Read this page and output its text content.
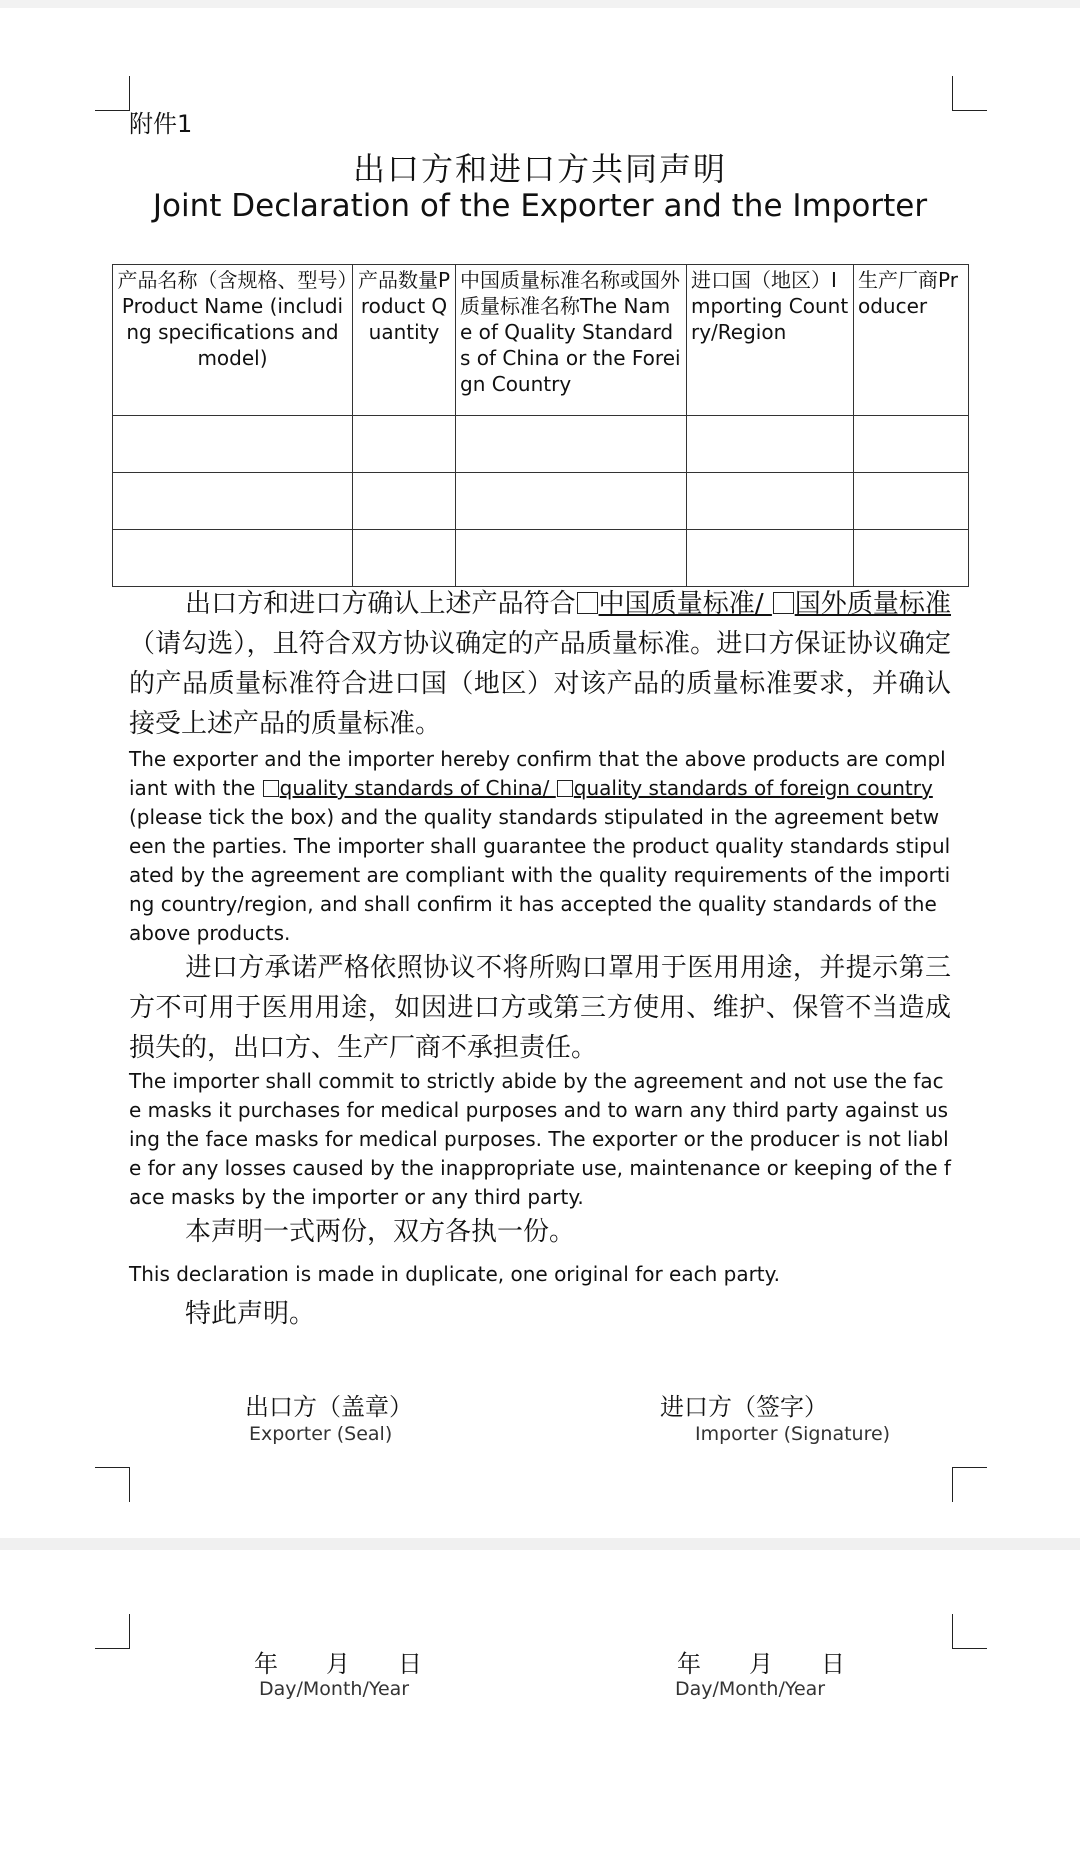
附件1
出口方和进口方共同声明
Joint Declaration of the Exporter and the Importer
产品名称（含规格、型号）Product Name (including specifications and model)	产品数量Product Quantity	中国质量标准名称或国外质量标准名称The Name of Quality Standards of China or the Foreign Country	进口国（地区）Importing Country/Region	生产厂商Producer

出口方和进口方确认上述产品符合 中国质量标准/ 国外质量标准（请勾选），且符合双方协议确定的产品质量标准。进口方保证协议确定的产品质量标准符合进口国（地区）对该产品的质量标准要求，并确认接受上述产品的质量标准。
The exporter and the importer hereby confirm that the above products are compliant with the quality standards of China/ quality standards of foreign country (please tick the box) and the quality standards stipulated in the agreement between the parties. The importer shall guarantee the product quality standards stipulated by the agreement are compliant with the quality requirements of the importing country/region, and shall confirm it has accepted the quality standards of the above products.
进口方承诺严格依照协议不将所购口罩用于医用用途，并提示第三方不可用于医用用途，如因进口方或第三方使用、维护、保管不当造成损失的，出口方、生产厂商不承担责任。
The importer shall commit to strictly abide by the agreement and not use the face masks it purchases for medical purposes and to warn any third party against using the face masks for medical purposes. The exporter or the producer is not liable for any losses caused by the inappropriate use, maintenance or keeping of the face masks by the importer or any third party.
本声明一式两份，双方各执一份。
This declaration is made in duplicate, one original for each party.
特此声明。
出口方（盖章）
Exporter (Seal)
进口方（签字）
Importer (Signature)
年　　月　　日
Day/Month/Year
年　　月　　日
Day/Month/Year
